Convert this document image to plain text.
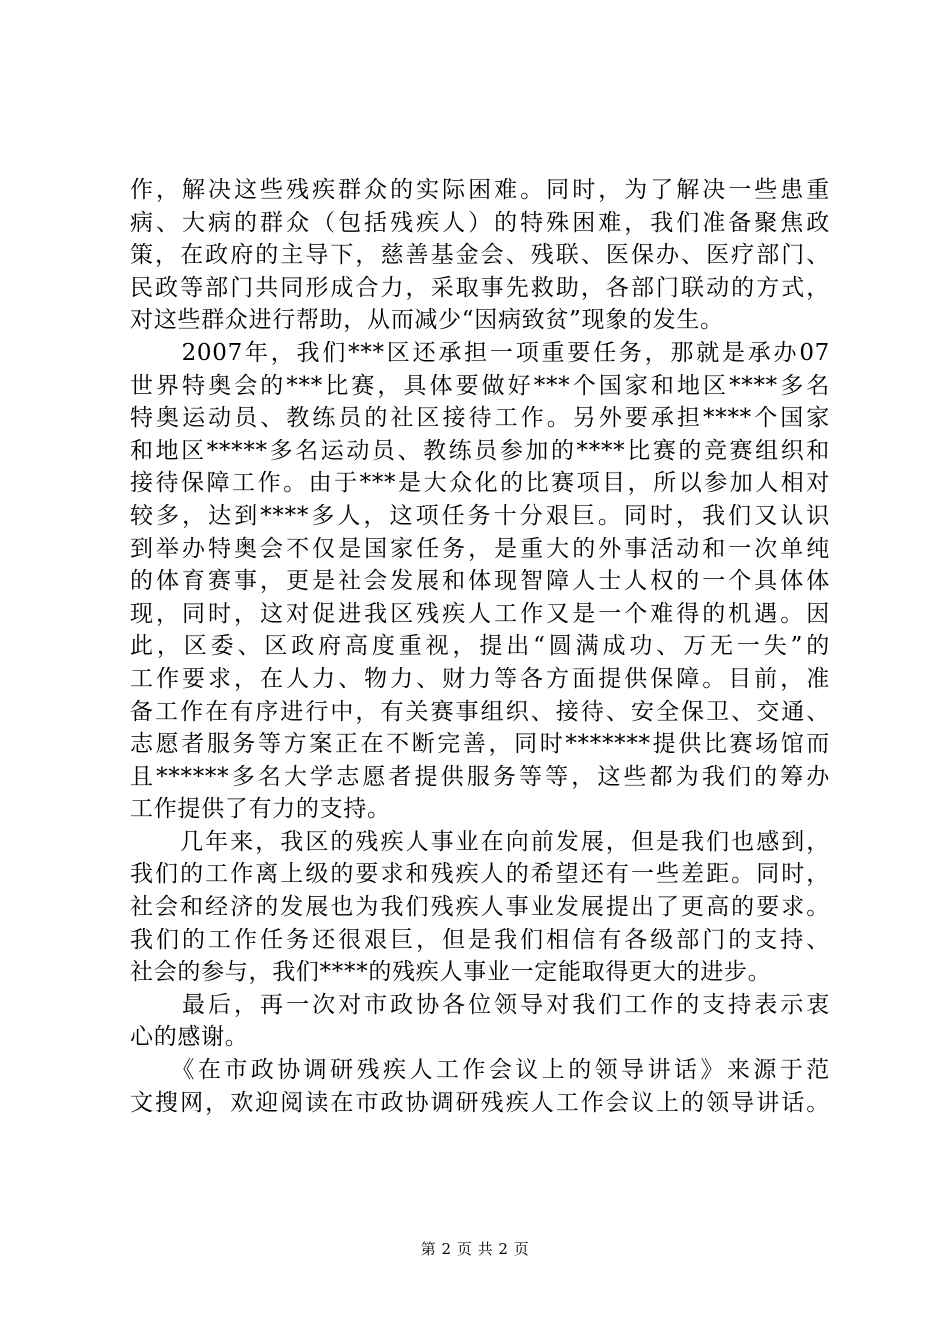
作，解决这些残疾群众的实际困难。同时，为了解决一些患重
病、大病的群众（包括残疾人）的特殊困难，我们准备聚焦政
策，在政府的主导下，慈善基金会、残联、医保办、医疗部门、
民政等部门共同形成合力，采取事先救助，各部门联动的方式，
对这些群众进行帮助，从而减少“因病致贫”现象的发生。
　　2007年，我们***区还承担一项重要任务，那就是承办07
世界特奥会的***比赛，具体要做好***个国家和地区****多名
特奥运动员、教练员的社区接待工作。另外要承担****个国家
和地区*****多名运动员、教练员参加的****比赛的竞赛组织和
接待保障工作。由于***是大众化的比赛项目，所以参加人相对
较多，达到****多人，这项任务十分艰巨。同时，我们又认识
到举办特奥会不仅是国家任务，是重大的外事活动和一次单纯
的体育赛事，更是社会发展和体现智障人士人权的一个具体体
现，同时，这对促进我区残疾人工作又是一个难得的机遇。因
此，区委、区政府高度重视，提出“圆满成功、万无一失”的
工作要求，在人力、物力、财力等各方面提供保障。目前，准
备工作在有序进行中，有关赛事组织、接待、安全保卫、交通、
志愿者服务等方案正在不断完善，同时*******提供比赛场馆而
且******多名大学志愿者提供服务等等，这些都为我们的筹办
工作提供了有力的支持。
　　几年来，我区的残疾人事业在向前发展，但是我们也感到，
我们的工作离上级的要求和残疾人的希望还有一些差距。同时，
社会和经济的发展也为我们残疾人事业发展提出了更高的要求。
我们的工作任务还很艰巨，但是我们相信有各级部门的支持、
社会的参与，我们****的残疾人事业一定能取得更大的进步。
　　最后，再一次对市政协各位领导对我们工作的支持表示衷
心的感谢。
　　《在市政协调研残疾人工作会议上的领导讲话》来源于范
文搜网，欢迎阅读在市政协调研残疾人工作会议上的领导讲话。
第 2 页 共 2 页
